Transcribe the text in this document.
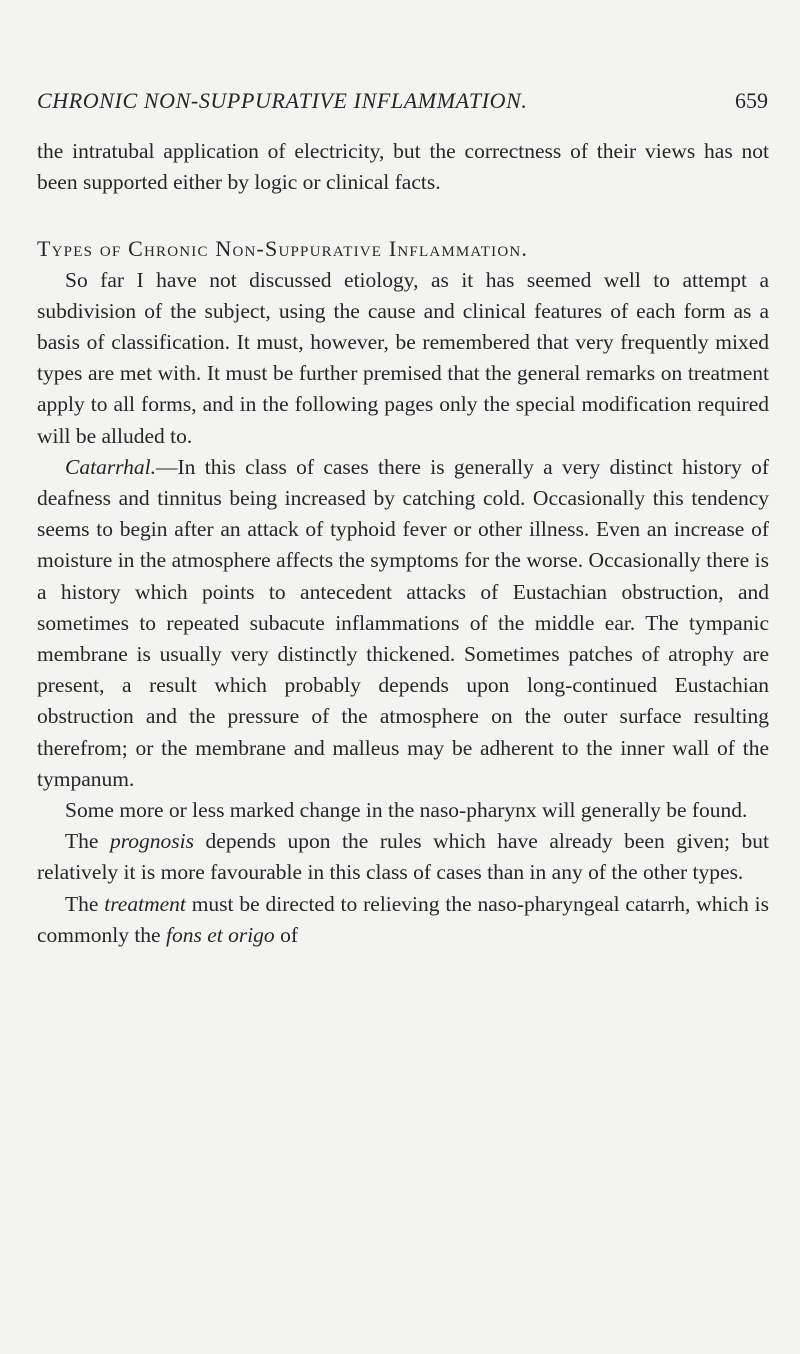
CHRONIC NON-SUPPURATIVE INFLAMMATION.	659

the intratubal application of electricity, but the correctness of their views has not been supported either by logic or clinical facts.

Types of Chronic Non-Suppurative Inflammation.

So far I have not discussed etiology, as it has seemed well to attempt a subdivision of the subject, using the cause and clinical features of each form as a basis of classification. It must, however, be remembered that very frequently mixed types are met with. It must be further premised that the general remarks on treatment apply to all forms, and in the following pages only the special modification required will be alluded to.

Catarrhal.—In this class of cases there is generally a very distinct history of deafness and tinnitus being increased by catching cold. Occasionally this tendency seems to begin after an attack of typhoid fever or other illness. Even an increase of moisture in the atmosphere affects the symptoms for the worse. Occasionally there is a history which points to antecedent attacks of Eustachian obstruction, and sometimes to repeated subacute inflammations of the middle ear. The tympanic membrane is usually very distinctly thickened. Sometimes patches of atrophy are present, a result which probably depends upon long-continued Eustachian obstruction and the pressure of the atmosphere on the outer surface resulting therefrom; or the membrane and malleus may be adherent to the inner wall of the tympanum.

Some more or less marked change in the naso-pharynx will generally be found.

The prognosis depends upon the rules which have already been given; but relatively it is more favourable in this class of cases than in any of the other types.

The treatment must be directed to relieving the naso-pharyngeal catarrh, which is commonly the fons et origo of
